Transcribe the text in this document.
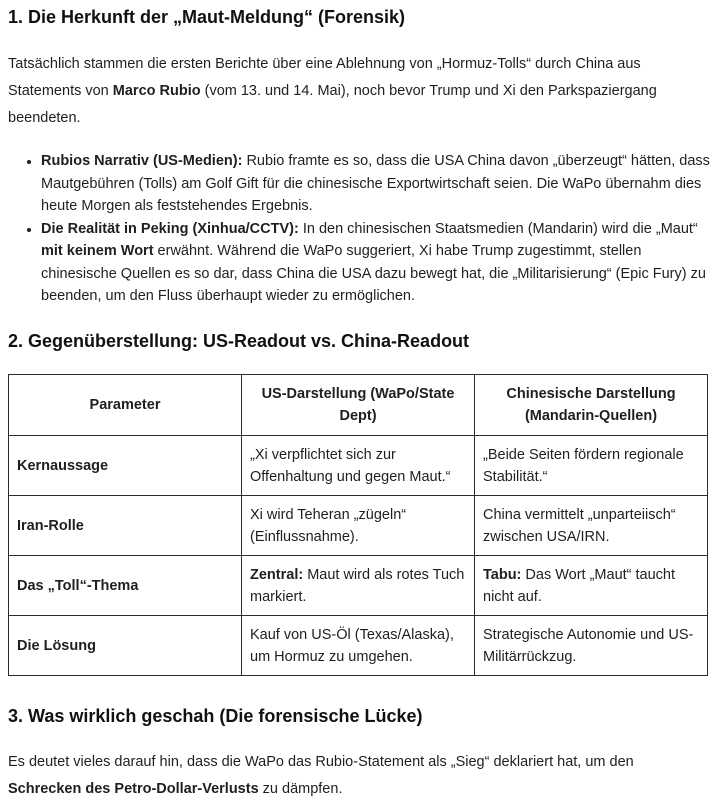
1. Die Herkunft der „Maut-Meldung“ (Forensik)

Tatsächlich stammen die ersten Berichte über eine Ablehnung von „Hormuz-Tolls“ durch China aus Statements von Marco Rubio (vom 13. und 14. Mai), noch bevor Trump und Xi den Parkspaziergang beendeten.

• Rubios Narrativ (US-Medien): Rubio framte es so, dass die USA China davon „überzeugt“ hätten, dass Mautgebühren (Tolls) am Golf Gift für die chinesische Exportwirtschaft seien. Die WaPo übernahm dies heute Morgen als feststehendes Ergebnis.
• Die Realität in Peking (Xinhua/CCTV): In den chinesischen Staatsmedien (Mandarin) wird die „Maut“ mit keinem Wort erwähnt. Während die WaPo suggeriert, Xi habe Trump zugestimmt, stellen chinesische Quellen es so dar, dass China die USA dazu bewegt hat, die „Militarisierung“ (Epic Fury) zu beenden, um den Fluss überhaupt wieder zu ermöglichen.
2. Gegenüberstellung: US-Readout vs. China-Readout
Parameter	US-Darstellung (WaPo/State Dept)	Chinesische Darstellung (Mandarin-Quellen)
Kernaussage	„Xi verpflichtet sich zur Offenhaltung und gegen Maut.“	„Beide Seiten fördern regionale Stabilität.“
Iran-Rolle	Xi wird Teheran „zügeln“ (Einflussnahme).	China vermittelt „unparteiisch“ zwischen USA/IRN.
Das „Toll“-Thema	Zentral: Maut wird als rotes Tuch markiert.	Tabu: Das Wort „Maut“ taucht nicht auf.
Die Lösung	Kauf von US-Öl (Texas/Alaska), um Hormuz zu umgehen.	Strategische Autonomie und US-Militärrückzug.
3. Was wirklich geschah (Die forensische Lücke)

Es deutet vieles darauf hin, dass die WaPo das Rubio-Statement als „Sieg“ deklariert hat, um den Schrecken des Petro-Dollar-Verlusts zu dämpfen.
